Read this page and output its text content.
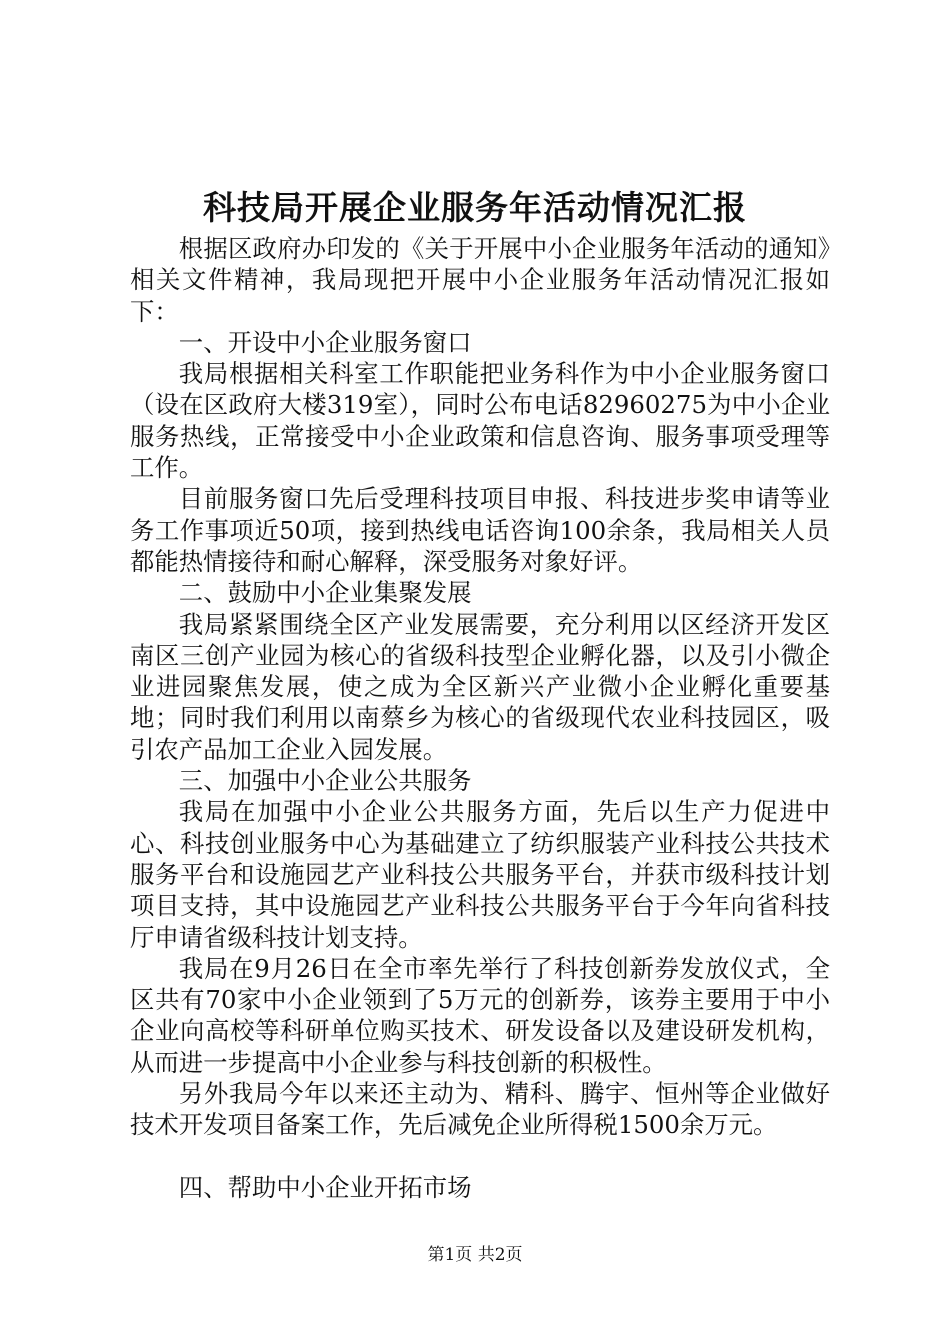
科技局开展企业服务年活动情况汇报

根据区政府办印发的《关于开展中小企业服务年活动的通知》相关文件精神，我局现把开展中小企业服务年活动情况汇报如下：

一、开设中小企业服务窗口

我局根据相关科室工作职能把业务科作为中小企业服务窗口（设在区政府大楼319室），同时公布电话82960275为中小企业服务热线，正常接受中小企业政策和信息咨询、服务事项受理等工作。

目前服务窗口先后受理科技项目申报、科技进步奖申请等业务工作事项近50项，接到热线电话咨询100余条，我局相关人员都能热情接待和耐心解释，深受服务对象好评。

二、鼓励中小企业集聚发展

我局紧紧围绕全区产业发展需要，充分利用以区经济开发区南区三创产业园为核心的省级科技型企业孵化器，以及引小微企业进园聚焦发展，使之成为全区新兴产业微小企业孵化重要基地；同时我们利用以南蔡乡为核心的省级现代农业科技园区，吸引农产品加工企业入园发展。

三、加强中小企业公共服务

我局在加强中小企业公共服务方面，先后以生产力促进中心、科技创业服务中心为基础建立了纺织服装产业科技公共技术服务平台和设施园艺产业科技公共服务平台，并获市级科技计划项目支持，其中设施园艺产业科技公共服务平台于今年向省科技厅申请省级科技计划支持。

我局在9月26日在全市率先举行了科技创新券发放仪式，全区共有70家中小企业领到了5万元的创新券，该券主要用于中小企业向高校等科研单位购买技术、研发设备以及建设研发机构，从而进一步提高中小企业参与科技创新的积极性。

另外我局今年以来还主动为、精科、腾宇、恒州等企业做好技术开发项目备案工作，先后减免企业所得税1500余万元。

四、帮助中小企业开拓市场

第1页 共2页
